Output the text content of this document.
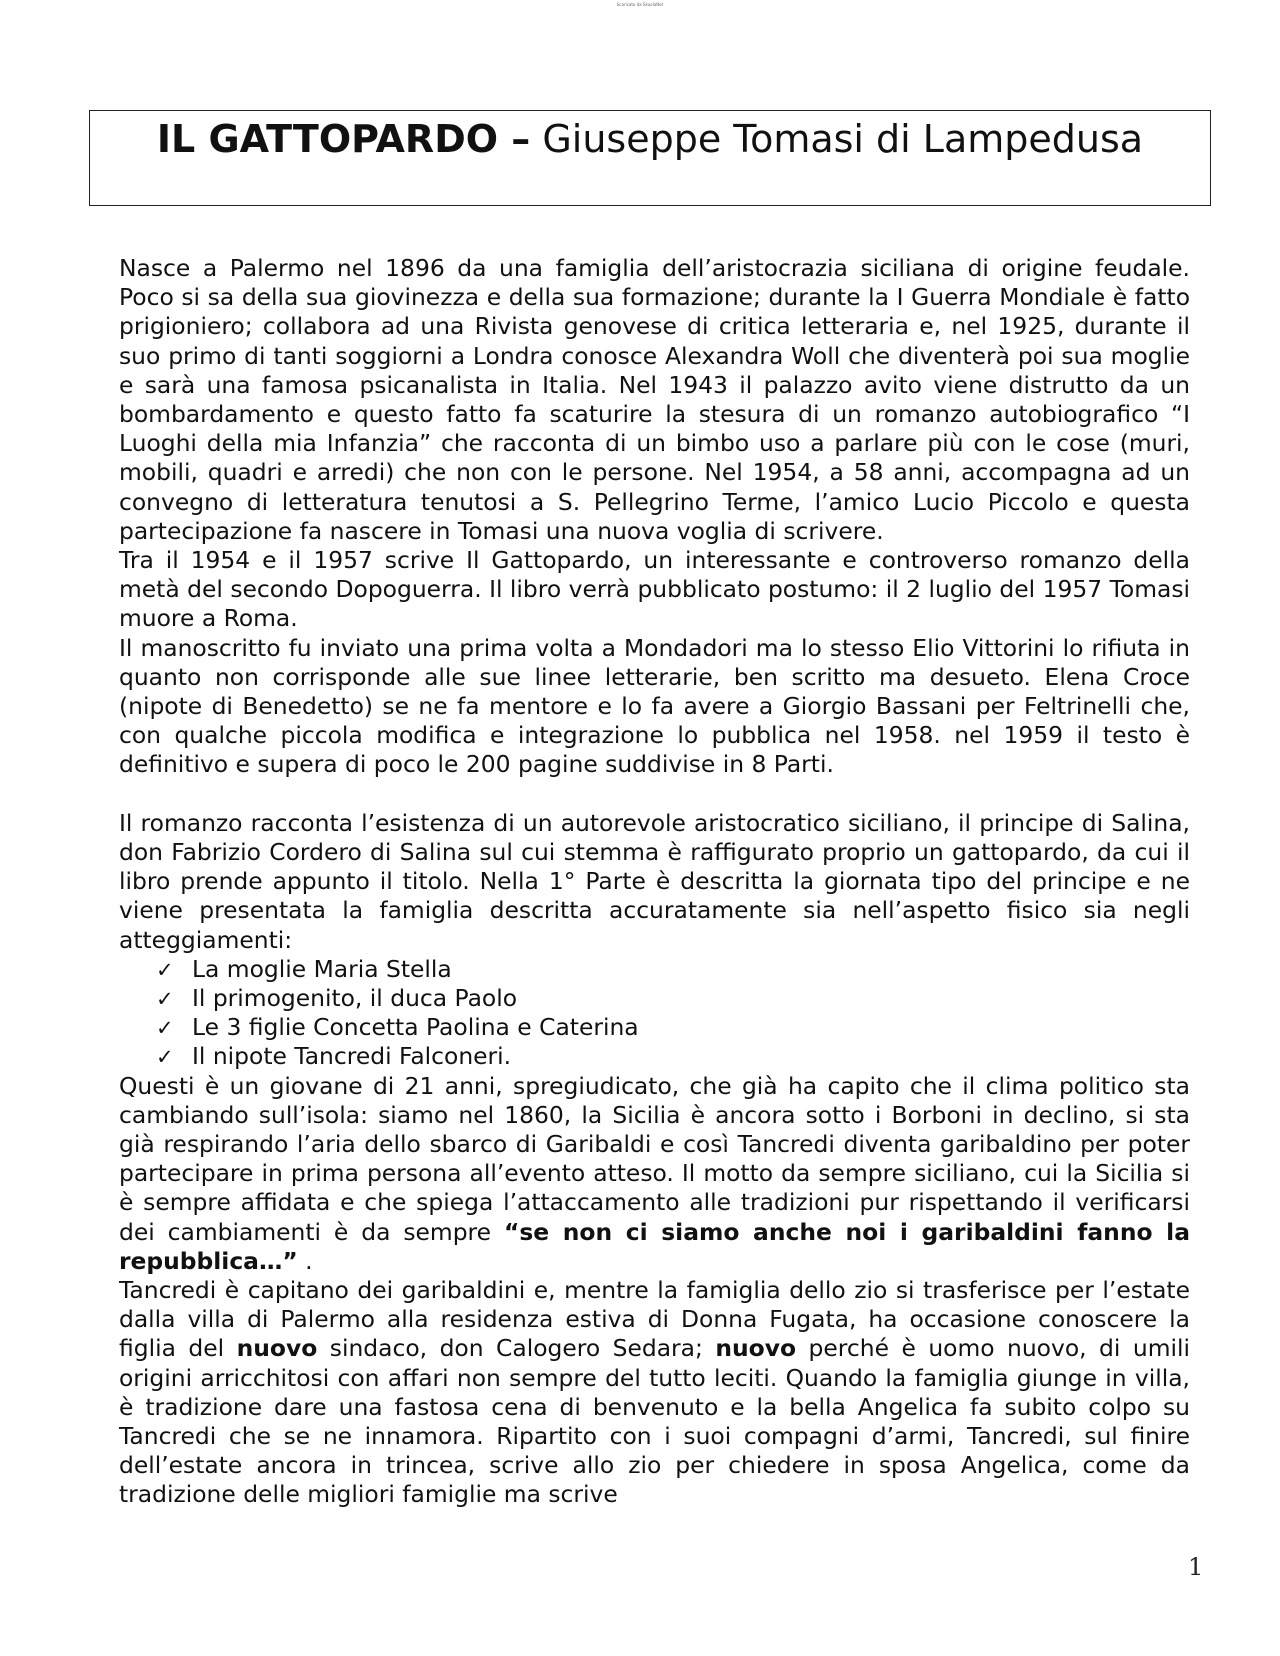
Scaricato da SkuolaNet
IL GATTOPARDO – Giuseppe Tomasi di Lampedusa

Nasce a Palermo nel 1896 da una famiglia dell’aristocrazia siciliana di origine feudale. Poco si sa della sua giovinezza e della sua formazione; durante la I Guerra Mondiale è fatto prigioniero; collabora ad una Rivista genovese di critica letteraria e, nel 1925, durante il suo primo di tanti soggiorni a Londra conosce Alexandra Woll che diventerà poi sua moglie e sarà una famosa psicanalista in Italia. Nel 1943 il palazzo avito viene distrutto da un bombardamento e questo fatto fa scaturire la stesura di un romanzo autobiografico “I Luoghi della mia Infanzia” che racconta di un bimbo uso a parlare più con le cose (muri, mobili, quadri e arredi) che non con le persone. Nel 1954, a 58 anni, accompagna ad un convegno di letteratura tenutosi a S. Pellegrino Terme, l’amico Lucio Piccolo e questa partecipazione fa nascere in Tomasi una nuova voglia di scrivere.

Tra il 1954 e il 1957 scrive Il Gattopardo, un interessante e controverso romanzo della metà del secondo Dopoguerra. Il libro verrà pubblicato postumo: il 2 luglio del 1957 Tomasi muore a Roma.

Il manoscritto fu inviato una prima volta a Mondadori ma lo stesso Elio Vittorini lo rifiuta in quanto non corrisponde alle sue linee letterarie, ben scritto ma desueto. Elena Croce (nipote di Benedetto) se ne fa mentore e lo fa avere a Giorgio Bassani per Feltrinelli che, con qualche piccola modifica e integrazione lo pubblica nel 1958. nel 1959 il testo è definitivo e supera di poco le 200 pagine suddivise in 8 Parti.

Il romanzo racconta l’esistenza di un autorevole aristocratico siciliano, il principe di Salina, don Fabrizio Cordero di Salina sul cui stemma è raffigurato proprio un gattopardo, da cui il libro prende appunto il titolo. Nella 1° Parte è descritta la giornata tipo del principe e ne viene presentata la famiglia descritta accuratamente sia nell’aspetto fisico sia negli atteggiamenti:

✓ La moglie Maria Stella
✓ Il primogenito, il duca Paolo
✓ Le 3 figlie Concetta Paolina e Caterina
✓ Il nipote Tancredi Falconeri.

Questi è un giovane di 21 anni, spregiudicato, che già ha capito che il clima politico sta cambiando sull’isola: siamo nel 1860, la Sicilia è ancora sotto i Borboni in declino, si sta già respirando l’aria dello sbarco di Garibaldi e così Tancredi diventa garibaldino per poter partecipare in prima persona all’evento atteso. Il motto da sempre siciliano, cui la Sicilia si è sempre affidata e che spiega l’attaccamento alle tradizioni pur rispettando il verificarsi dei cambiamenti è da sempre “se non ci siamo anche noi i garibaldini fanno la repubblica…” .

Tancredi è capitano dei garibaldini e, mentre la famiglia dello zio si trasferisce per l’estate dalla villa di Palermo alla residenza estiva di Donna Fugata, ha occasione conoscere la figlia del nuovo sindaco, don Calogero Sedara; nuovo perché è uomo nuovo, di umili origini arricchitosi con affari non sempre del tutto leciti. Quando la famiglia giunge in villa, è tradizione dare una fastosa cena di benvenuto e la bella Angelica fa subito colpo su Tancredi che se ne innamora. Ripartito con i suoi compagni d’armi, Tancredi, sul finire dell’estate ancora in trincea, scrive allo zio per chiedere in sposa Angelica, come da tradizione delle migliori famiglie ma scrive

1
